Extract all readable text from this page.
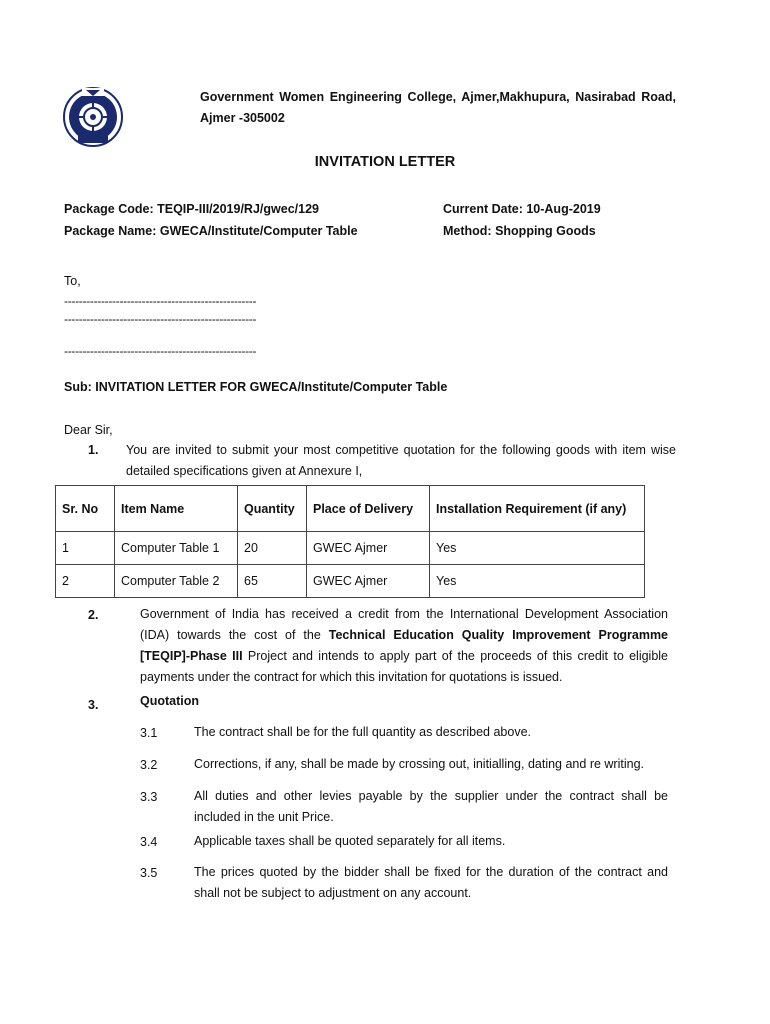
Government Women Engineering College, Ajmer,Makhupura, Nasirabad Road, Ajmer -305002
INVITATION LETTER
Package Code: TEQIP-III/2019/RJ/gwec/129
Package Name: GWECA/Institute/Computer Table
Current Date: 10-Aug-2019
Method: Shopping Goods
To,
----------------------------------------------------
----------------------------------------------------
----------------------------------------------------
Sub: INVITATION LETTER FOR GWECA/Institute/Computer Table
Dear Sir,
1. You are invited to submit your most competitive quotation for the following goods with item wise detailed specifications given at Annexure I,
Sr. No	Item Name	Quantity	Place of Delivery	Installation Requirement (if any)
1	Computer Table 1	20	GWEC Ajmer	Yes
2	Computer Table 2	65	GWEC Ajmer	Yes
2.	Government of India has received a credit from the International Development Association (IDA) towards the cost of the Technical Education Quality Improvement Programme [TEQIP]-Phase III Project and intends to apply part of the proceeds of this credit to eligible payments under the contract for which this invitation for quotations is issued.
3.	Quotation
3.1	The contract shall be for the full quantity as described above.
3.2	Corrections, if any, shall be made by crossing out, initialling, dating and re writing.
3.3	All duties and other levies payable by the supplier under the contract shall be included in the unit Price.
3.4	Applicable taxes shall be quoted separately for all items.
3.5	The prices quoted by the bidder shall be fixed for the duration of the contract and shall not be subject to adjustment on any account.
